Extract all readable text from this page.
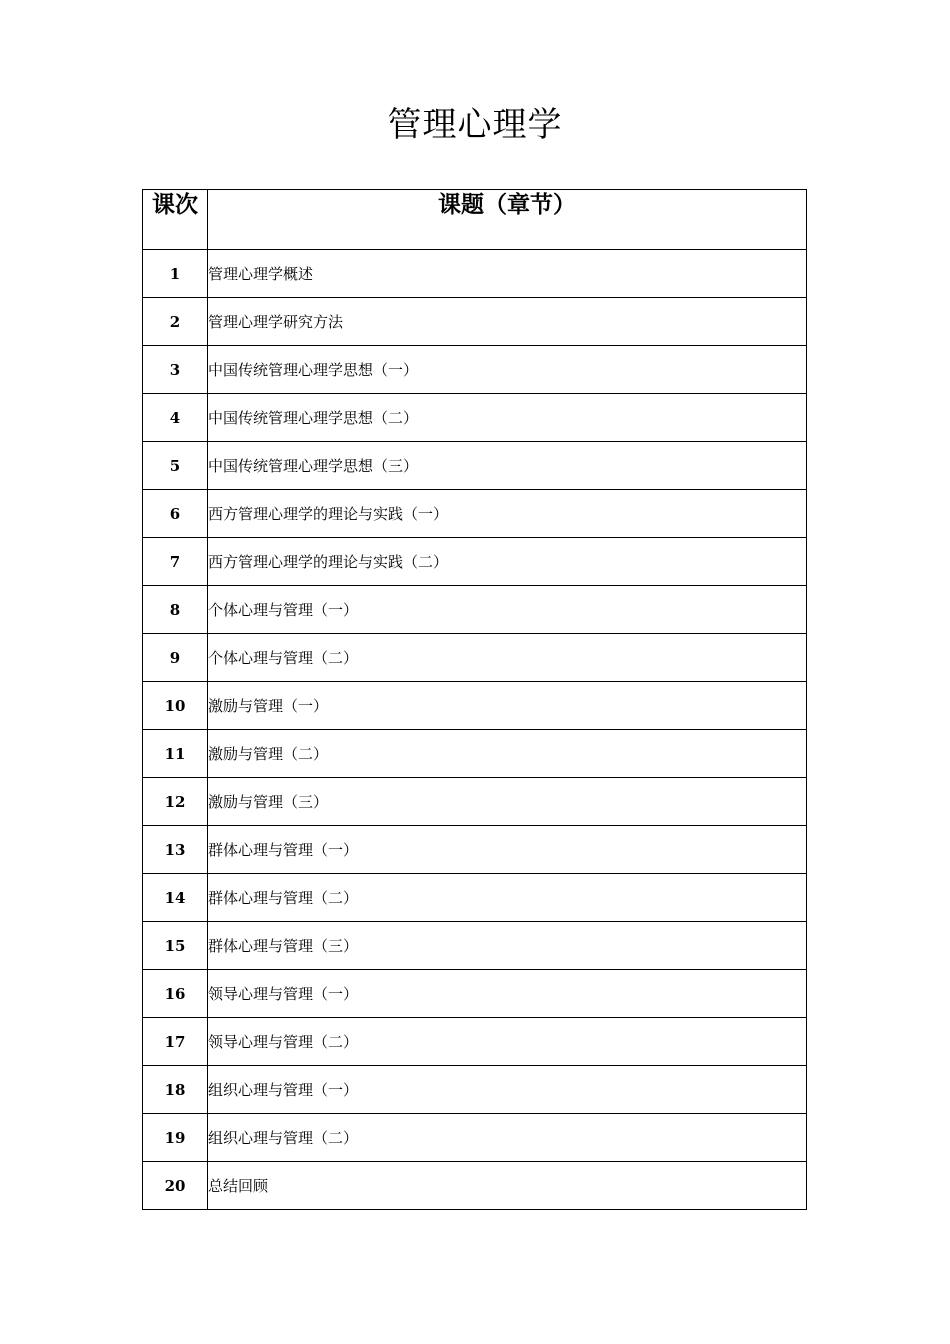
管理心理学
课次	课题（章节）
1	管理心理学概述
2	管理心理学研究方法
3	中国传统管理心理学思想（一）
4	中国传统管理心理学思想（二）
5	中国传统管理心理学思想（三）
6	西方管理心理学的理论与实践（一）
7	西方管理心理学的理论与实践（二）
8	个体心理与管理（一）
9	个体心理与管理（二）
10	激励与管理（一）
11	激励与管理（二）
12	激励与管理（三）
13	群体心理与管理（一）
14	群体心理与管理（二）
15	群体心理与管理（三）
16	领导心理与管理（一）
17	领导心理与管理（二）
18	组织心理与管理（一）
19	组织心理与管理（二）
20	总结回顾
